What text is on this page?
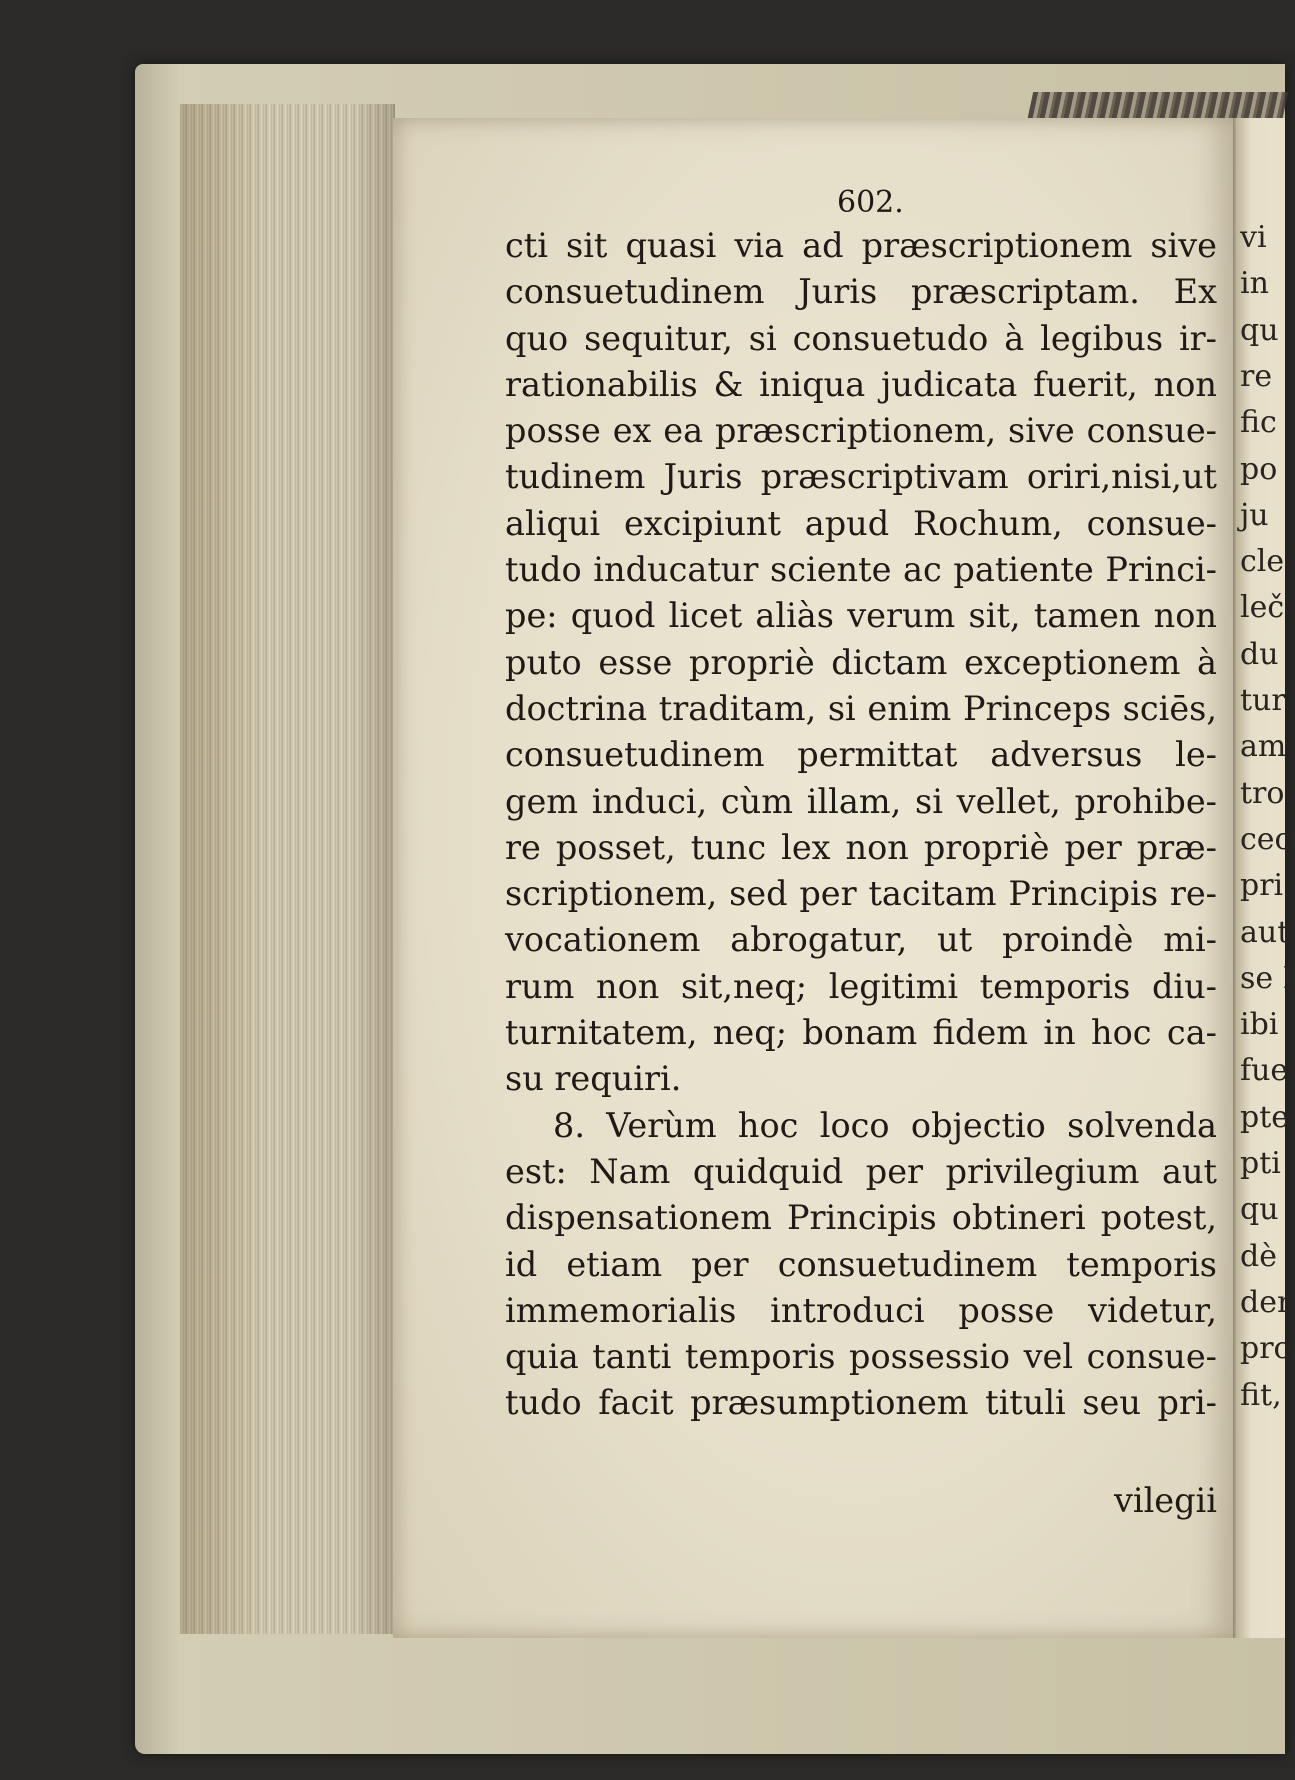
vi
in
qu
re
fic
po
ju
cle
leč
du
tur
am
tro
cec
pri
aut
se I
ibi
fue
pte
pti
qu
dè
der
pro
fit,

602.

cti sit quasi via ad præscriptionem sive
consuetudinem Juris præscriptam. Ex
quo sequitur, si consuetudo à legibus ir-
rationabilis & iniqua judicata fuerit, non
posse ex ea præscriptionem, sive consue-
tudinem Juris præscriptivam oriri,nisi,ut
aliqui excipiunt apud Rochum, consue-
tudo inducatur sciente ac patiente Princi-
pe: quod licet aliàs verum sit, tamen non
puto esse propriè dictam exceptionem à
doctrina traditam, si enim Princeps sciēs,
consuetudinem permittat adversus le-
gem induci, cùm illam, si vellet, prohibe-
re posset, tunc lex non propriè per præ-
scriptionem, sed per tacitam Principis re-
vocationem abrogatur, ut proindè mi-
rum non sit,neq; legitimi temporis diu-
turnitatem, neq; bonam fidem in hoc ca-
su requiri.
8. Verùm hoc loco objectio solvenda
est: Nam quidquid per privilegium aut
dispensationem Principis obtineri potest,
id etiam per consuetudinem temporis
immemorialis introduci posse videtur,
quia tanti temporis possessio vel consue-
tudo facit præsumptionem tituli seu pri-
vilegii
